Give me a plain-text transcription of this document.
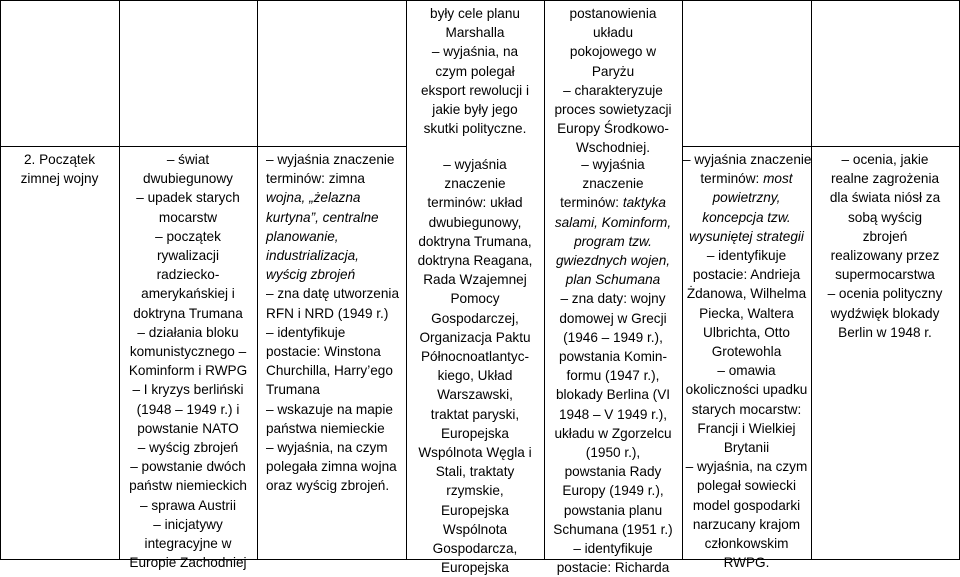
2. Początek
zimnej wojny
– świat
dwubiegunowy
– upadek starych
mocarstw
– początek
rywalizacji
radziecko-
amerykańskiej i
doktryna Trumana
– działania bloku
komunistycznego –
Kominform i RWPG
– I kryzys berliński
(1948 – 1949 r.) i
powstanie NATO
– wyścig zbrojeń
– powstanie dwóch
państw niemieckich
– sprawa Austrii
– inicjatywy
integracyjne w
Europie Zachodniej
– wyjaśnia znaczenie
terminów: zimna
wojna, „żelazna
kurtyna”, centralne
planowanie,
industrializacja,
wyścig zbrojeń
– zna datę utworzenia
RFN i NRD (1949 r.)
– identyfikuje
postacie: Winstona
Churchilla, Harry’ego
Trumana
– wskazuje na mapie
państwa niemieckie
– wyjaśnia, na czym
polegała zimna wojna
oraz wyścig zbrojeń.
były cele planu
Marshalla
– wyjaśnia, na
czym polegał
eksport rewolucji i
jakie były jego
skutki polityczne.
– wyjaśnia
znaczenie
terminów: układ
dwubiegunowy,
doktryna Trumana,
doktryna Reagana,
Rada Wzajemnej
Pomocy
Gospodarczej,
Organizacja Paktu
Północnoatlantyc-
kiego, Układ
Warszawski,
traktat paryski,
Europejska
Wspólnota Węgla i
Stali, traktaty
rzymskie,
Europejska
Wspólnota
Gospodarcza,
Europejska
postanowienia
układu
pokojowego w
Paryżu
– charakteryzuje
proces sowietyzacji
Europy Środkowo-
Wschodniej.
– wyjaśnia
znaczenie
terminów: taktyka
salami, Kominform,
program tzw.
gwiezdnych wojen,
plan Schumana
– zna daty: wojny
domowej w Grecji
(1946 – 1949 r.),
powstania Komin-
formu (1947 r.),
blokady Berlina (VI
1948 – V 1949 r.),
układu w Zgorzelcu
(1950 r.),
powstania Rady
Europy (1949 r.),
powstania planu
Schumana (1951 r.)
– identyfikuje
postacie: Richarda
– wyjaśnia znaczenie
terminów: most
powietrzny,
koncepcja tzw.
wysuniętej strategii
– identyfikuje
postacie: Andrieja
Żdanowa, Wilhelma
Piecka, Waltera
Ulbrichta, Otto
Grotewohla
– omawia
okoliczności upadku
starych mocarstw:
Francji i Wielkiej
Brytanii
– wyjaśnia, na czym
polegał sowiecki
model gospodarki
narzucany krajom
członkowskim
RWPG.
– ocenia, jakie
realne zagrożenia
dla świata niósł za
sobą wyścig
zbrojeń
realizowany przez
supermocarstwa
– ocenia polityczny
wydźwięk blokady
Berlin w 1948 r.
